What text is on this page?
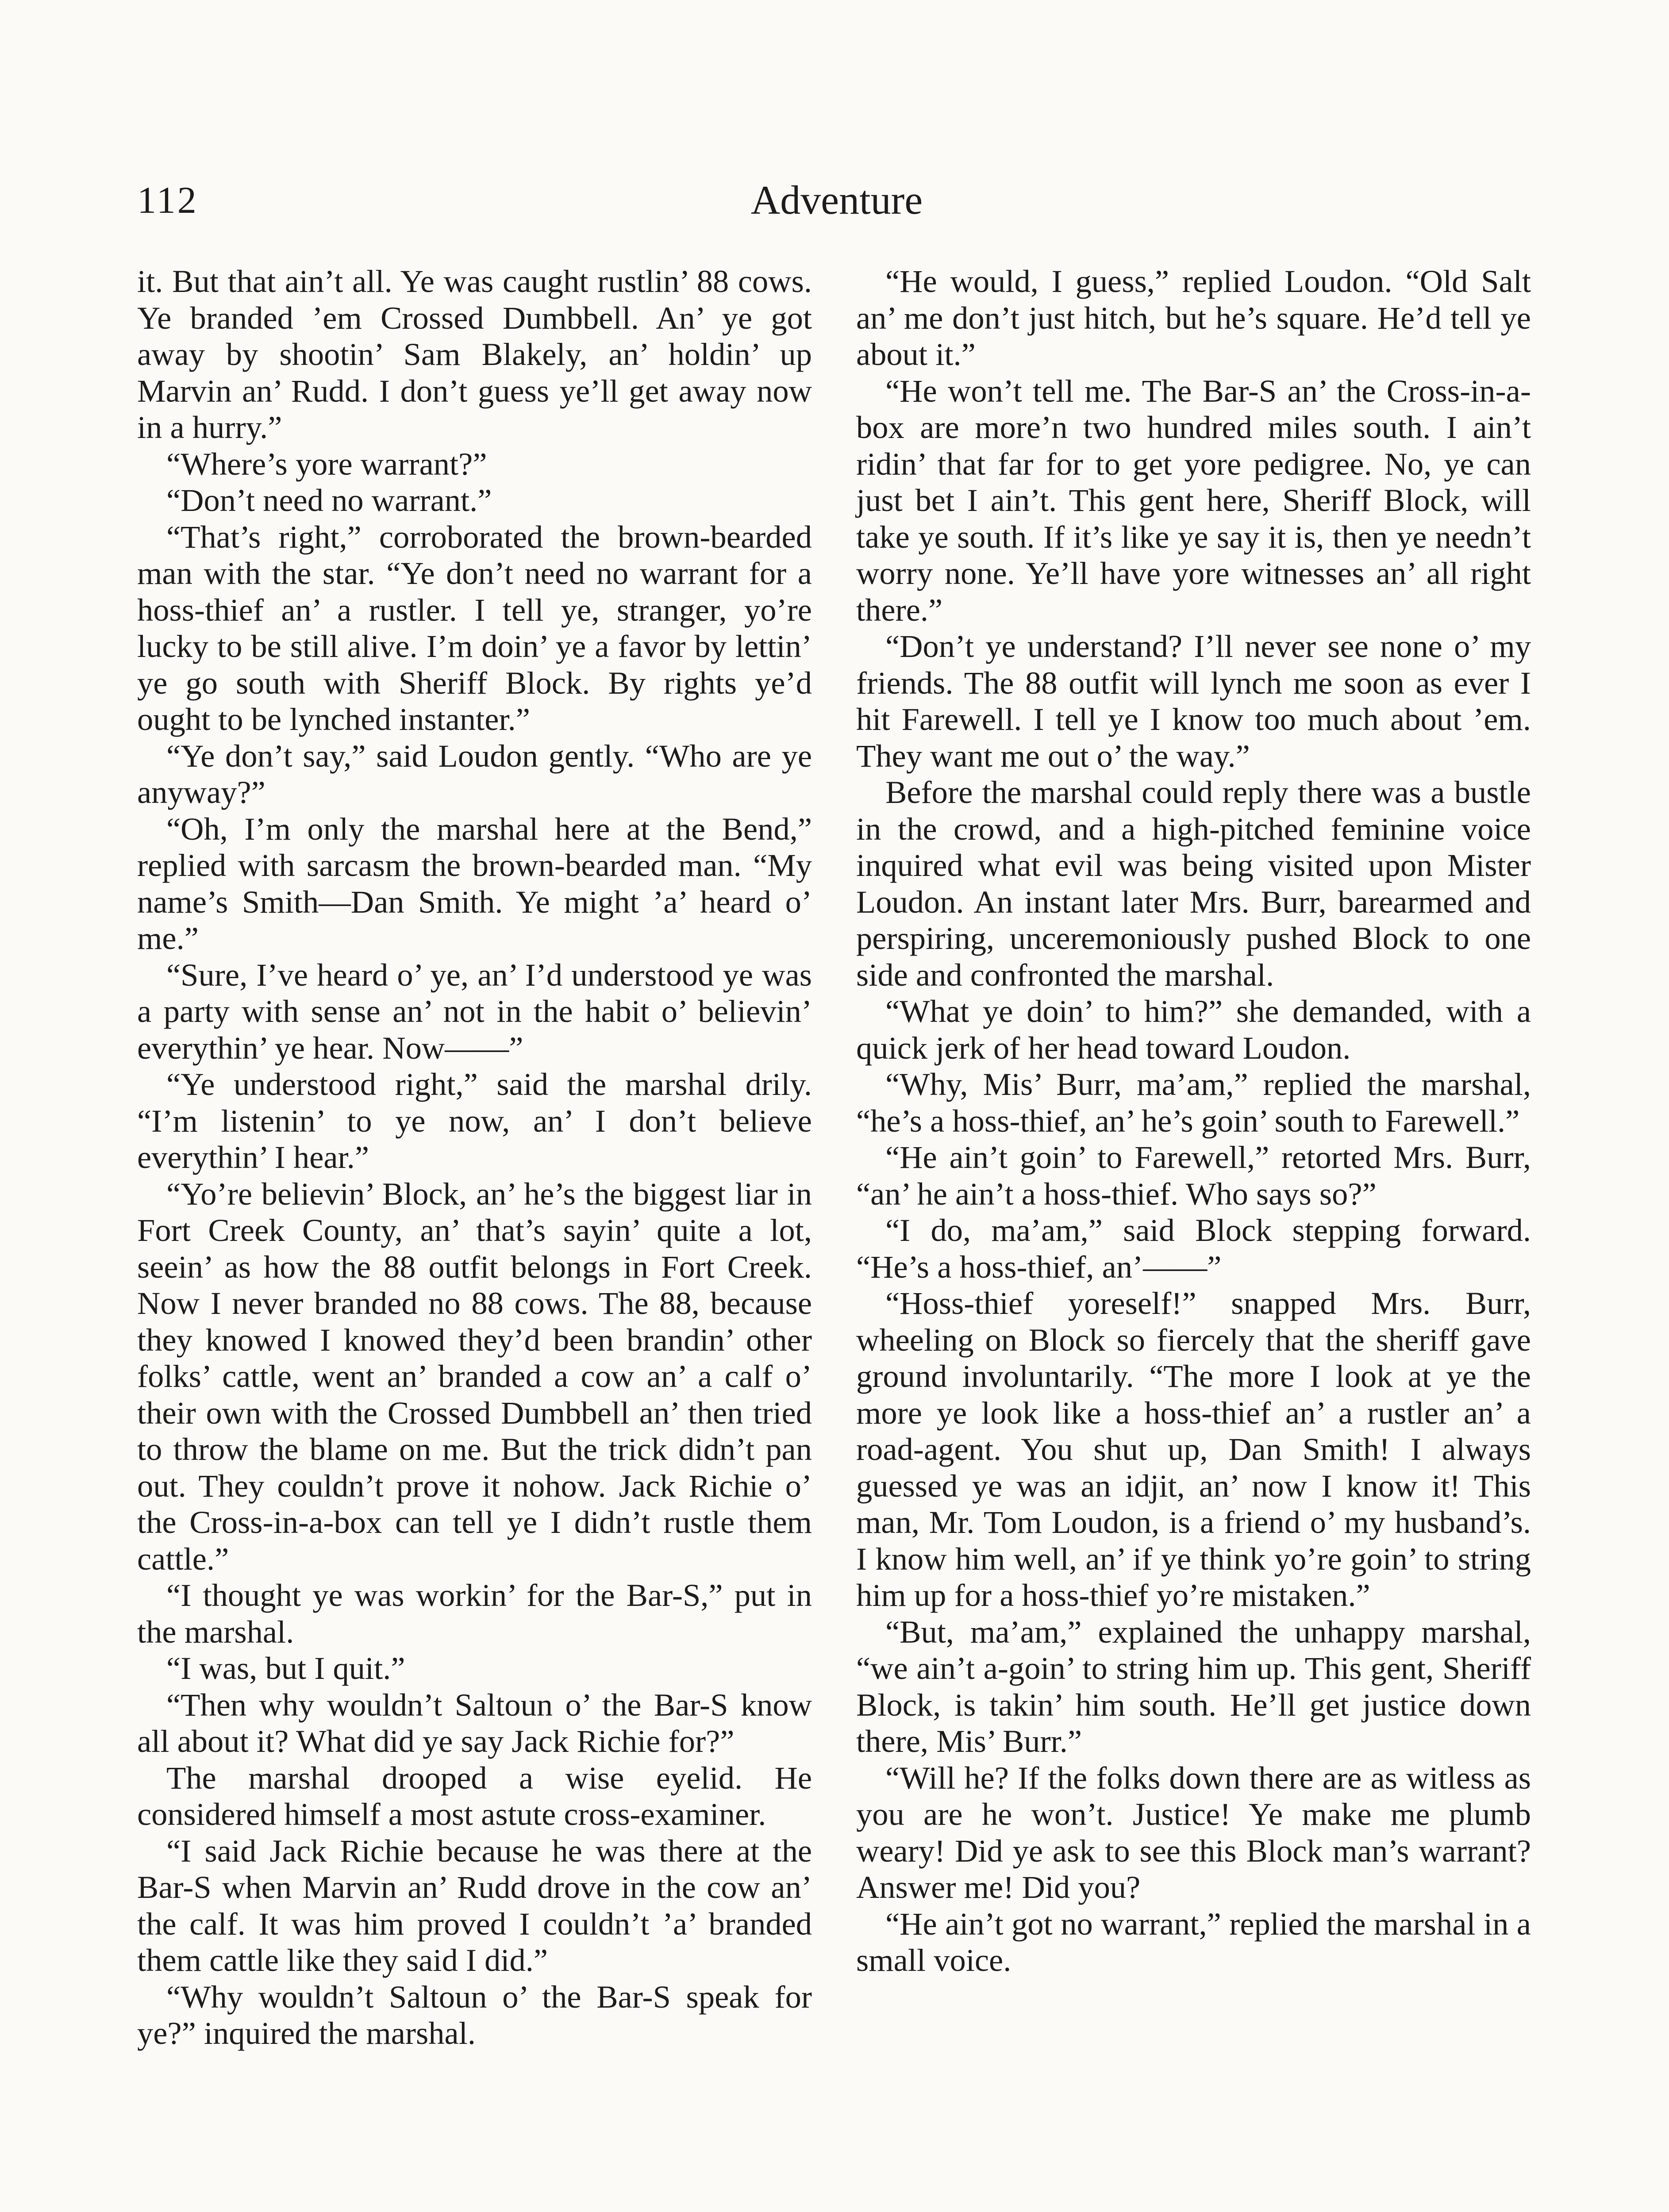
112	Adventure

it. But that ain’t all. Ye was caught rustlin’ 88 cows. Ye branded ’em Crossed Dumbbell. An’ ye got away by shootin’ Sam Blakely, an’ holdin’ up Marvin an’ Rudd. I don’t guess ye’ll get away now in a hurry.”

“Where’s yore warrant?”

“Don’t need no warrant.”

“That’s right,” corroborated the brown-bearded man with the star. “Ye don’t need no warrant for a hoss-thief an’ a rustler. I tell ye, stranger, yo’re lucky to be still alive. I’m doin’ ye a favor by lettin’ ye go south with Sheriff Block. By rights ye’d ought to be lynched instanter.”

“Ye don’t say,” said Loudon gently. “Who are ye anyway?”

“Oh, I’m only the marshal here at the Bend,” replied with sarcasm the brown-bearded man. “My name’s Smith—Dan Smith. Ye might ’a’ heard o’ me.”

“Sure, I’ve heard o’ ye, an’ I’d understood ye was a party with sense an’ not in the habit o’ believin’ everythin’ ye hear. Now——”

“Ye understood right,” said the marshal drily. “I’m listenin’ to ye now, an’ I don’t believe everythin’ I hear.”

“Yo’re believin’ Block, an’ he’s the biggest liar in Fort Creek County, an’ that’s sayin’ quite a lot, seein’ as how the 88 outfit belongs in Fort Creek. Now I never branded no 88 cows. The 88, because they knowed I knowed they’d been brandin’ other folks’ cattle, went an’ branded a cow an’ a calf o’ their own with the Crossed Dumbbell an’ then tried to throw the blame on me. But the trick didn’t pan out. They couldn’t prove it nohow. Jack Richie o’ the Cross-in-a-box can tell ye I didn’t rustle them cattle.”

“I thought ye was workin’ for the Bar-S,” put in the marshal.

“I was, but I quit.”

“Then why wouldn’t Saltoun o’ the Bar-S know all about it? What did ye say Jack Richie for?”

The marshal drooped a wise eyelid. He considered himself a most astute cross-examiner.

“I said Jack Richie because he was there at the Bar-S when Marvin an’ Rudd drove in the cow an’ the calf. It was him proved I couldn’t ’a’ branded them cattle like they said I did.”

“Why wouldn’t Saltoun o’ the Bar-S speak for ye?” inquired the marshal.

“He would, I guess,” replied Loudon. “Old Salt an’ me don’t just hitch, but he’s square. He’d tell ye about it.”

“He won’t tell me. The Bar-S an’ the Cross-in-a-box are more’n two hundred miles south. I ain’t ridin’ that far for to get yore pedigree. No, ye can just bet I ain’t. This gent here, Sheriff Block, will take ye south. If it’s like ye say it is, then ye needn’t worry none. Ye’ll have yore witnesses an’ all right there.”

“Don’t ye understand? I’ll never see none o’ my friends. The 88 outfit will lynch me soon as ever I hit Farewell. I tell ye I know too much about ’em. They want me out o’ the way.”

Before the marshal could reply there was a bustle in the crowd, and a high-pitched feminine voice inquired what evil was being visited upon Mister Loudon. An instant later Mrs. Burr, barearmed and perspiring, unceremoniously pushed Block to one side and confronted the marshal.

“What ye doin’ to him?” she demanded, with a quick jerk of her head toward Loudon.

“Why, Mis’ Burr, ma’am,” replied the marshal, “he’s a hoss-thief, an’ he’s goin’ south to Farewell.”

“He ain’t goin’ to Farewell,” retorted Mrs. Burr, “an’ he ain’t a hoss-thief. Who says so?”

“I do, ma’am,” said Block stepping forward. “He’s a hoss-thief, an’——”

“Hoss-thief yoreself!” snapped Mrs. Burr, wheeling on Block so fiercely that the sheriff gave ground involuntarily. “The more I look at ye the more ye look like a hoss-thief an’ a rustler an’ a road-agent. You shut up, Dan Smith! I always guessed ye was an idjit, an’ now I know it! This man, Mr. Tom Loudon, is a friend o’ my husband’s. I know him well, an’ if ye think yo’re goin’ to string him up for a hoss-thief yo’re mistaken.”

“But, ma’am,” explained the unhappy marshal, “we ain’t a-goin’ to string him up. This gent, Sheriff Block, is takin’ him south. He’ll get justice down there, Mis’ Burr.”

“Will he? If the folks down there are as witless as you are he won’t. Justice! Ye make me plumb weary! Did ye ask to see this Block man’s warrant? Answer me! Did you?

“He ain’t got no warrant,” replied the marshal in a small voice.
